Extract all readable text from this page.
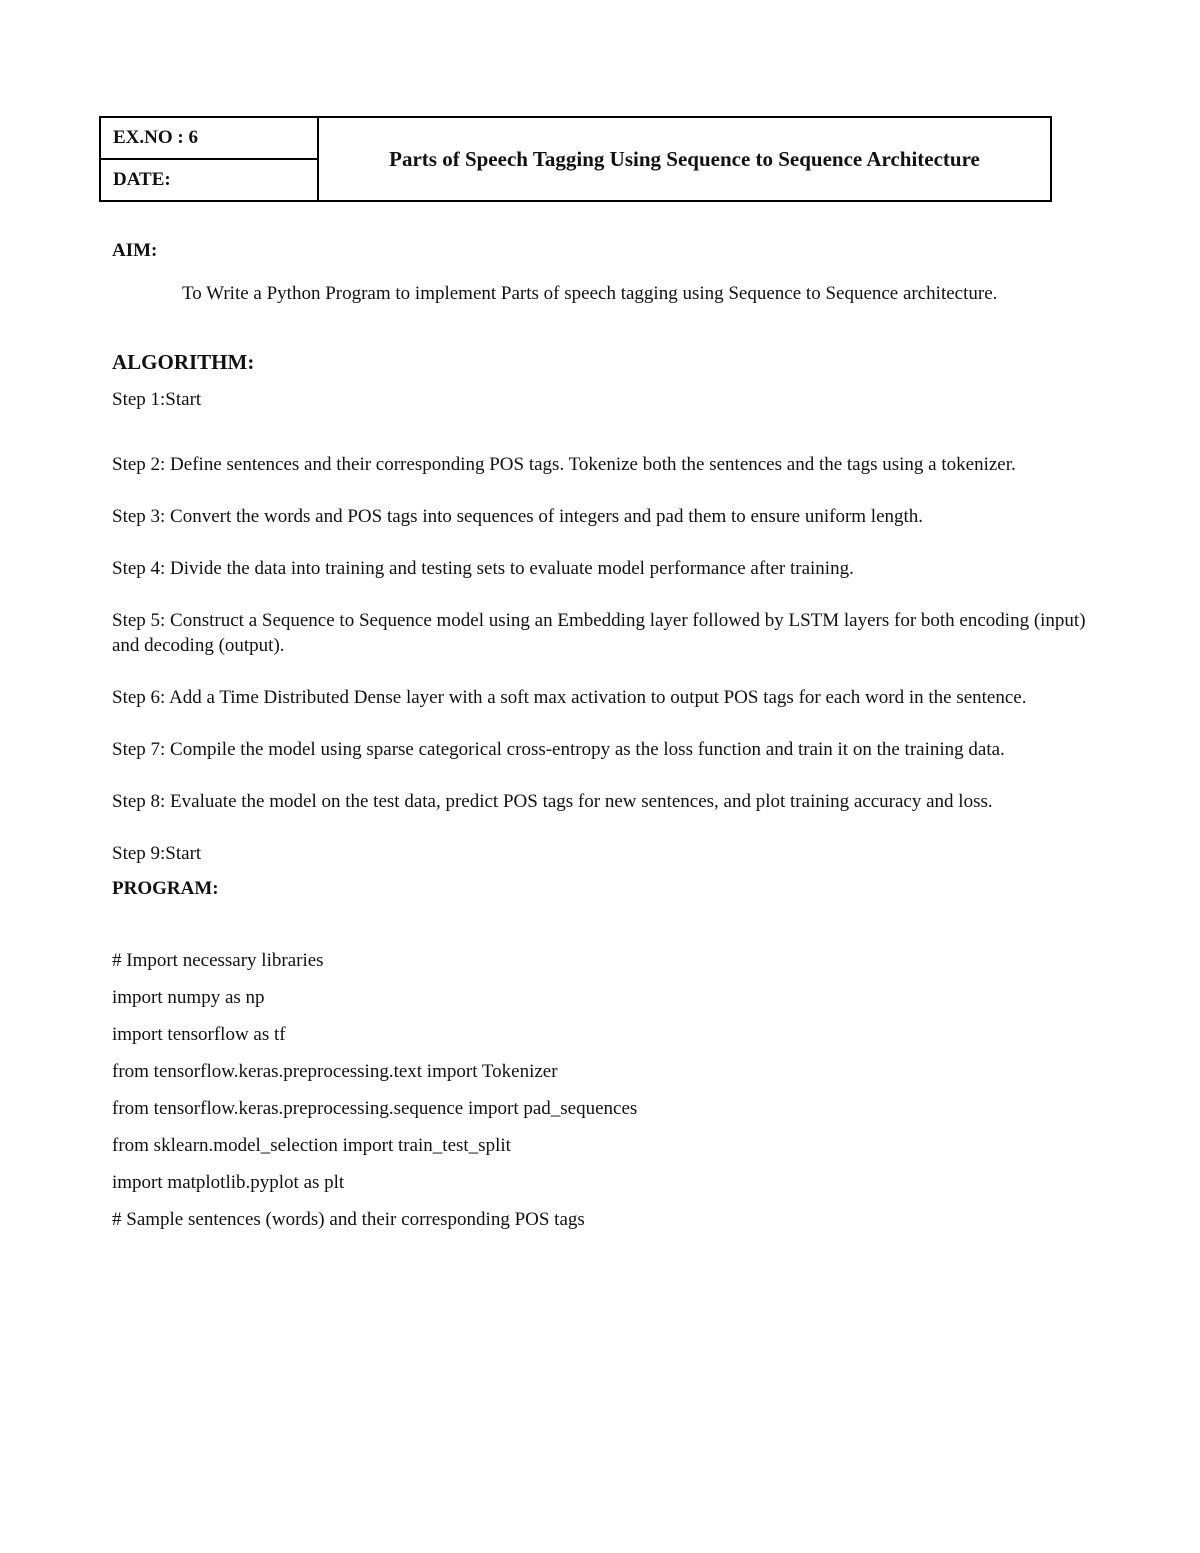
EX.NO : 6
DATE:
Parts of Speech Tagging Using Sequence to Sequence Architecture

AIM:

To Write a Python Program to implement Parts of speech tagging using Sequence to Sequence architecture.

ALGORITHM:

Step 1:Start

Step 2: Define sentences and their corresponding POS tags. Tokenize both the sentences and the tags using a tokenizer.

Step 3: Convert the words and POS tags into sequences of integers and pad them to ensure uniform length.

Step 4: Divide the data into training and testing sets to evaluate model performance after training.

Step 5: Construct a Sequence to Sequence model using an Embedding layer followed by LSTM layers for both encoding (input) and decoding (output).

Step 6: Add a Time Distributed Dense layer with a soft max activation to output POS tags for each word in the sentence.

Step 7: Compile the model using sparse categorical cross-entropy as the loss function and train it on the training data.

Step 8: Evaluate the model on the test data, predict POS tags for new sentences, and plot training accuracy and loss.

Step 9:Start

PROGRAM:

# Import necessary libraries

import numpy as np

import tensorflow as tf

from tensorflow.keras.preprocessing.text import Tokenizer

from tensorflow.keras.preprocessing.sequence import pad_sequences

from sklearn.model_selection import train_test_split

import matplotlib.pyplot as plt

# Sample sentences (words) and their corresponding POS tags
